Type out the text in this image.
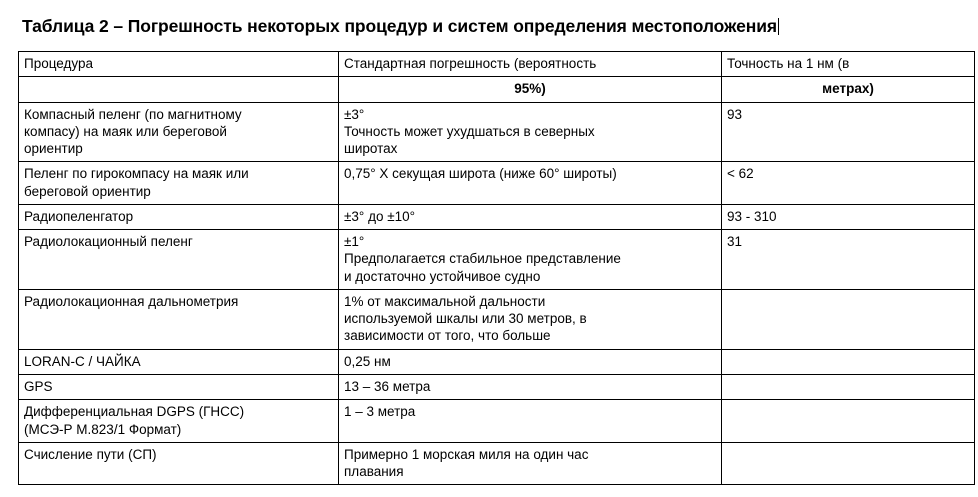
Таблица 2 – Погрешность некоторых процедур и систем определения местоположения
Процедура	Стандартная погрешность (вероятность	Точность на 1 нм (в
	95%)	метрах)

Компасный пеленг (по магнитному
компасу) на маяк или береговой
ориентир	±3°
Точность может ухудшаться в северных
широтах	93

Пеленг по гирокомпасу на маяк или
береговой ориентир	0,75° Х секущая широта (ниже 60° широты)	< 62

Радиопеленгатор	±3° до ±10°	93 - 310

Радиолокационный пеленг	±1°
Предполагается стабильное представление
и достаточно устойчивое судно	31

Радиолокационная дальнометрия	1% от максимальной дальности
используемой шкалы или 30 метров, в
зависимости от того, что больше	

LORAN-C / ЧАЙКА	0,25 нм	

GPS	13 – 36 метра	

Дифференциальная DGPS (ГНСС)
(МСЭ-Р М.823/1 Формат)	1 – 3 метра	

Счисление пути (СП)	Примерно 1 морская миля на один час
плавания	
